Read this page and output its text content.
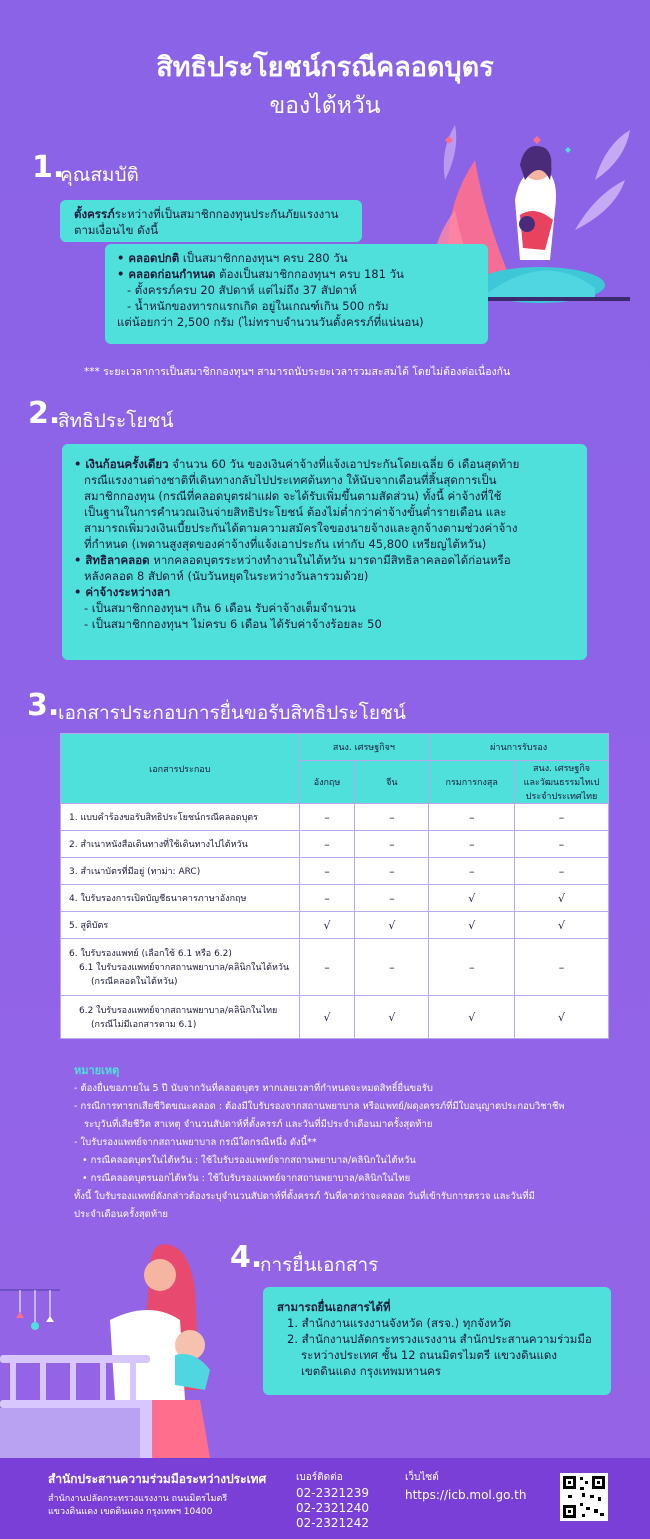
สิทธิประโยชน์กรณีคลอดบุตร
ของไต้หวัน
1.
คุณสมบัติ

ตั้งครรภ์ระหว่างที่เป็นสมาชิกกองทุนประกันภัยแรงงาน

ตามเงื่อนไข ดังนี้

• คลอดปกติ เป็นสมาชิกกองทุนฯ ครบ 280 วัน

• คลอดก่อนกำหนด ต้องเป็นสมาชิกกองทุนฯ ครบ 181 วัน

- ตั้งครรภ์ครบ 20 สัปดาห์ แต่ไม่ถึง 37 สัปดาห์

- น้ำหนักของทารกแรกเกิด อยู่ในเกณฑ์เกิน 500 กรัม

แต่น้อยกว่า 2,500 กรัม (ไม่ทราบจำนวนวันตั้งครรภ์ที่แน่นอน)

*** ระยะเวลาการเป็นสมาชิกกองทุนฯ สามารถนับระยะเวลารวมสะสมได้ โดยไม่ต้องต่อเนื่องกัน
2.
สิทธิประโยชน์
• เงินก้อนครั้งเดียว จำนวน 60 วัน ของเงินค่าจ้างที่แจ้งเอาประกันโดยเฉลี่ย 6 เดือนสุดท้าย
กรณีแรงงานต่างชาติที่เดินทางกลับไปประเทศต้นทาง ให้นับจากเดือนที่สิ้นสุดการเป็น
สมาชิกกองทุน (กรณีที่คลอดบุตรฝาแฝด จะได้รับเพิ่มขึ้นตามสัดส่วน) ทั้งนี้ ค่าจ้างที่ใช้
เป็นฐานในการคำนวณเงินจ่ายสิทธิประโยชน์ ต้องไม่ต่ำกว่าค่าจ้างขั้นต่ำรายเดือน และ
สามารถเพิ่มวงเงินเบี้ยประกันได้ตามความสมัครใจของนายจ้างและลูกจ้างตามช่วงค่าจ้าง
ที่กำหนด (เพดานสูงสุดของค่าจ้างที่แจ้งเอาประกัน เท่ากับ 45,800 เหรียญไต้หวัน)
• สิทธิลาคลอด หากคลอดบุตรระหว่างทำงานในไต้หวัน มารดามีสิทธิลาคลอดได้ก่อนหรือ
หลังคลอด 8 สัปดาห์ (นับวันหยุดในระหว่างวันลารวมด้วย)
• ค่าจ้างระหว่างลา
- เป็นสมาชิกกองทุนฯ เกิน 6 เดือน รับค่าจ้างเต็มจำนวน
- เป็นสมาชิกกองทุนฯ ไม่ครบ 6 เดือน ได้รับค่าจ้างร้อยละ 50
3.
เอกสารประกอบการยื่นขอรับสิทธิประโยชน์
เอกสารประกอบ	สนง. เศรษฐกิจฯ		ผ่านการรับรอง	
	อังกฤษ	จีน	กรมการกงสุล	สนง. เศรษฐกิจ
และวัฒนธรรมไทเป
ประจำประเทศไทย

1. แบบคำร้องขอรับสิทธิประโยชน์กรณีคลอดบุตร	–	–	–	–

2. สำเนาหนังสือเดินทางที่ใช้เดินทางไปไต้หวัน	–	–	–	–

3. สำเนาบัตรที่มีอยู่ (ทาม่า: ARC)	–	–	–	–

4. ใบรับรองการเปิดบัญชีธนาคารภาษาอังกฤษ	–	–	√	√

5. สูติบัตร	√	√	√	√

6. ใบรับรองแพทย์ (เลือกใช้ 6.1 หรือ 6.2)
6.1 ใบรับรองแพทย์จากสถานพยาบาล/คลินิกในไต้หวัน
(กรณีคลอดในไต้หวัน)	–	–	–	–

6.2 ใบรับรองแพทย์จากสถานพยาบาล/คลินิกในไทย
(กรณีไม่มีเอกสารตาม 6.1)	√	√	√	√
หมายเหตุ
- ต้องยื่นขอภายใน 5 ปี นับจากวันที่คลอดบุตร หากเลยเวลาที่กำหนดจะหมดสิทธิ์ยื่นขอรับ
- กรณีการทารกเสียชีวิตขณะคลอด : ต้องมีใบรับรองจากสถานพยาบาล หรือแพทย์/ผดุงครรภ์ที่มีใบอนุญาตประกอบวิชาชีพ
ระบุวันที่เสียชีวิต สาเหตุ จำนวนสัปดาห์ที่ตั้งครรภ์ และวันที่มีประจำเดือนมาครั้งสุดท้าย
- ใบรับรองแพทย์จากสถานพยาบาล กรณีใดกรณีหนึ่ง ดังนี้**
• กรณีคลอดบุตรในไต้หวัน : ใช้ใบรับรองแพทย์จากสถานพยาบาล/คลินิกในไต้หวัน
• กรณีคลอดบุตรนอกไต้หวัน : ใช้ใบรับรองแพทย์จากสถานพยาบาล/คลินิกในไทย
ทั้งนี้ ใบรับรองแพทย์ดังกล่าวต้องระบุจำนวนสัปดาห์ที่ตั้งครรภ์ วันที่คาดว่าจะคลอด วันที่เข้ารับการตรวจ และวันที่มี
ประจำเดือนครั้งสุดท้าย
4.
การยื่นเอกสาร
สามารถยื่นเอกสารได้ที่
1. สำนักงานแรงงานจังหวัด (สรจ.) ทุกจังหวัด
2. สำนักงานปลัดกระทรวงแรงงาน สำนักประสานความร่วมมือ
ระหว่างประเทศ ชั้น 12 ถนนมิตรไมตรี แขวงดินแดง
เขตดินแดง กรุงเทพมหานคร
สำนักประสานความร่วมมือระหว่างประเทศ
สำนักงานปลัดกระทรวงแรงงาน ถนนมิตรไมตรี
แขวงดินแดง เขตดินแดง กรุงเทพฯ 10400
เบอร์ติดต่อ
02-2321239
02-2321240
02-2321242
เว็บไซต์
https://icb.mol.go.th
